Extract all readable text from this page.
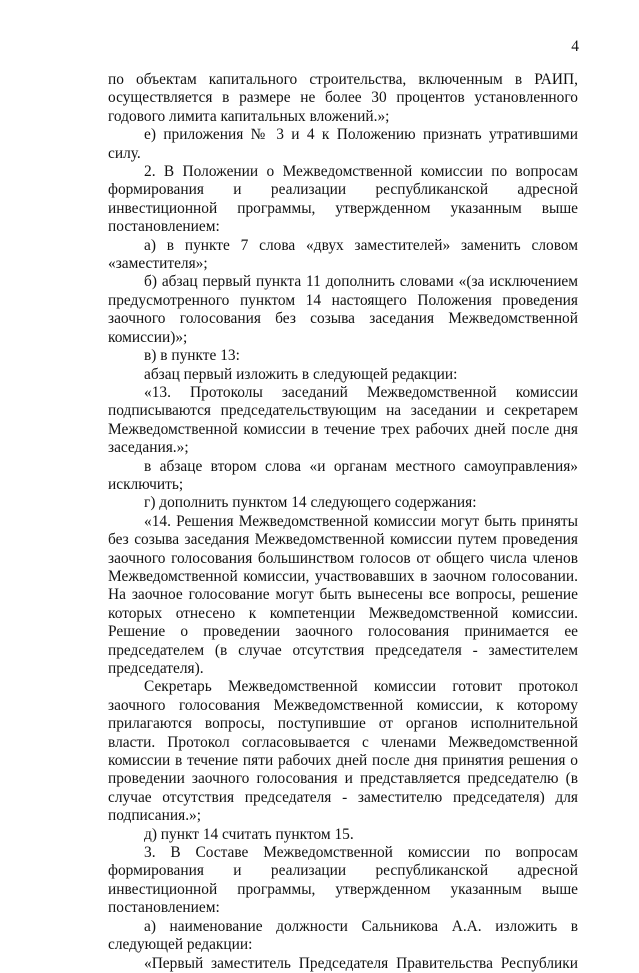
4

по объектам капитального строительства, включенным в РАИП, осуществляется в размере не более 30 процентов установленного годового лимита капитальных вложений.»;

е) приложения № 3 и 4 к Положению признать утратившими силу.

2. В Положении о Межведомственной комиссии по вопросам формирования и реализации республиканской адресной инвестиционной программы, утвержденном указанным выше постановлением:

а) в пункте 7 слова «двух заместителей» заменить словом «заместителя»;

б) абзац первый пункта 11 дополнить словами «(за исключением предусмотренного пунктом 14 настоящего Положения проведения заочного голосования без созыва заседания Межведомственной комиссии)»;

в) в пункте 13:

абзац первый изложить в следующей редакции:

«13. Протоколы заседаний Межведомственной комиссии подписываются председательствующим на заседании и секретарем Межведомственной комиссии в течение трех рабочих дней после дня заседания.»;

в абзаце втором слова «и органам местного самоуправления» исключить;

г) дополнить пунктом 14 следующего содержания:

«14. Решения Межведомственной комиссии могут быть приняты без созыва заседания Межведомственной комиссии путем проведения заочного голосования большинством голосов от общего числа членов Межведомственной комиссии, участвовавших в заочном голосовании. На заочное голосование могут быть вынесены все вопросы, решение которых отнесено к компетенции Межведомственной комиссии. Решение о проведении заочного голосования принимается ее председателем (в случае отсутствия председателя - заместителем председателя).

Секретарь Межведомственной комиссии готовит протокол заочного голосования Межведомственной комиссии, к которому прилагаются вопросы, поступившие от органов исполнительной власти. Протокол согласовывается с членами Межведомственной комиссии в течение пяти рабочих дней после дня принятия решения о проведении заочного голосования и представляется председателю (в случае отсутствия председателя - заместителю председателя) для подписания.»;

д) пункт 14 считать пунктом 15.

3. В Составе Межведомственной комиссии по вопросам формирования и реализации республиканской адресной инвестиционной программы, утвержденном указанным выше постановлением:

а) наименование должности Сальникова А.А. изложить в следующей редакции:

«Первый заместитель Председателя Правительства Республики
